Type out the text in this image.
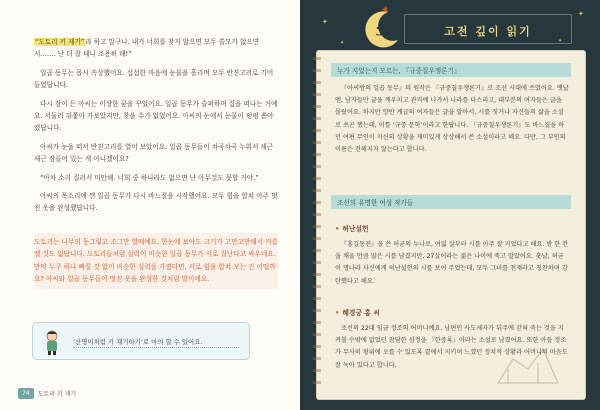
“도토리 키 재기”라 하고 말구나. 내가 너희를 찾지 않으면 모두 쓸모가 없으면서……. 난 더 잘 테니 조용히 해!”

일곱 동무는 몹시 속상했어요. 섭섭한 마음에 눈물을 흘리며 모두 반짇고리로 기어들었답니다.

다시 잠이 든 아씨는 이상한 꿈을 꾸었어요. 일곱 동무가 슬퍼하며 집을 떠나는 거예요. 서둘러 뒤쫓아 가보았지만, 찾을 수가 없었어요. 아씨의 눈에서 눈물이 펑펑 쏟아졌답니다.

아씨가 눈을 떠서 반짇고리를 열어 보았어요. 일곱 동무들이 차곡차곡 누워서 새근새근 잠들어 있는 게 아니겠어요?

“아차 소리 질러서 미안해. 너희 중 하나라도 없으면 난 아무것도 못할 거야.”

아씨의 목소리에 깬 일곱 동무가 다시 바느질을 시작했어요. 모두 힘을 합쳐 아주 멋진 옷을 완성했답니다.

도토리는 나무의 둥그렇고 조그만 열매예요. 한눈에 보아도 크기가 고만고만해서 키를 잴 것도 없답니다. 도토리들처럼 실력이 비슷한 일곱 동무가 서로 잘난다고 싸우네요. 만약 누구 하나 빠질 것 없이 비슷한 실력을 가졌다면, 서로 힘을 합쳐 보는 건 어떨까요? 아씨와 일곱 동무들이 멋진 옷을 완성한 것처럼 말이에요.

‘산명이처럼 키 재기하기’로 마의 할 수 있어요.
74	도토리 키 재기
✦
✦
✦
✦
고전 깊이 읽기
누가 지었는지 모르는, 『규중칠우쟁론기』

『아씨방의 일곱 동무』의 원작은 『규중칠우쟁론기』로 조선 시대에 쓰였어요. 옛날엔, 남자들만 글을 깨우치고 관직에 나가서 나라를 다스리고, 대부분의 여자들은 글을 몰랐어요. 하지만 양반 계급의 여자들은 글을 알아서, 시를 짓거나 자신들의 삶을 소설로 쓰곤 했는데, 이를 ‘규중 문학’이라고 한답니다. 『규중칠우쟁론기』도 바느질을 하던 여편 무인이 자신의 상황을 재미있게 상상해서 쓴 소설이라고 해요. 다만, 그 부인의 이름은 전해지지 않는다고 합니다.

조선의 유명한 여성 작가들
• 허난설헌

『홍길동전』을 쓴 허균의 누나로, 여덟 살부터 시를 아주 잘 지었다고 해요. 방 한 칸을 채울 만큼 많은 시를 남겼지만, 27살이라는 젊은 나이에 죽고 말았어요. 훗날, 허균이 명나라 사신에게 허난설헌의 시를 보여 주었는데, 모두 그녀를 천재라고 칭찬하며 감탄했다고 해요.

• 혜경궁 홍 씨

조선의 22대 임금 정조의 어머니예요. 남편인 사도세자가 뒤주에 갇혀 죽는 것을 지켜볼 수밖에 없었던 참담한 심정을 『한중록』이라는 소설로 남겼어요. 또한 아들 정조가 무사히 왕위에 오를 수 있도록 곁에서 지키며 느꼈던 정치적 상황과 어머니의 마음도 잘 녹아 있다고 합니다.
